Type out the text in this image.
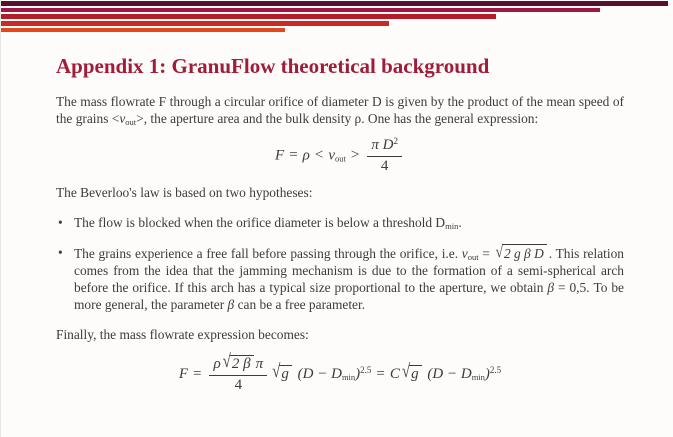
Appendix 1: GranuFlow theoretical background

The mass flowrate F through a circular orifice of diameter D is given by the product of the mean speed of the grains $<v_{out}>$, the aperture area and the bulk density ρ. One has the general expression:

$F = \rho < v_{out} > \frac{\pi D^2}{4}$

The Beverloo's law is based on two hypotheses:

• The flow is blocked when the orifice diameter is below a threshold $D_{min}$.
• The grains experience a free fall before passing through the orifice, i.e. $v_{out} = √2$ g β D . This relation comes from the idea that the jamming mechanism is due to the formation of a semi-spherical arch before the orifice. If this arch has a typical size proportional to the aperture, we obtain β = 0,5. To be more general, the parameter β can be a free parameter.

Finally, the mass flowrate expression becomes:

$F = \frac{\text{ρ √2 β π}}{4} √g$ $(D - D_{min})^{2.5} = C$ √g $(D - D_{min})^{2.5}$
